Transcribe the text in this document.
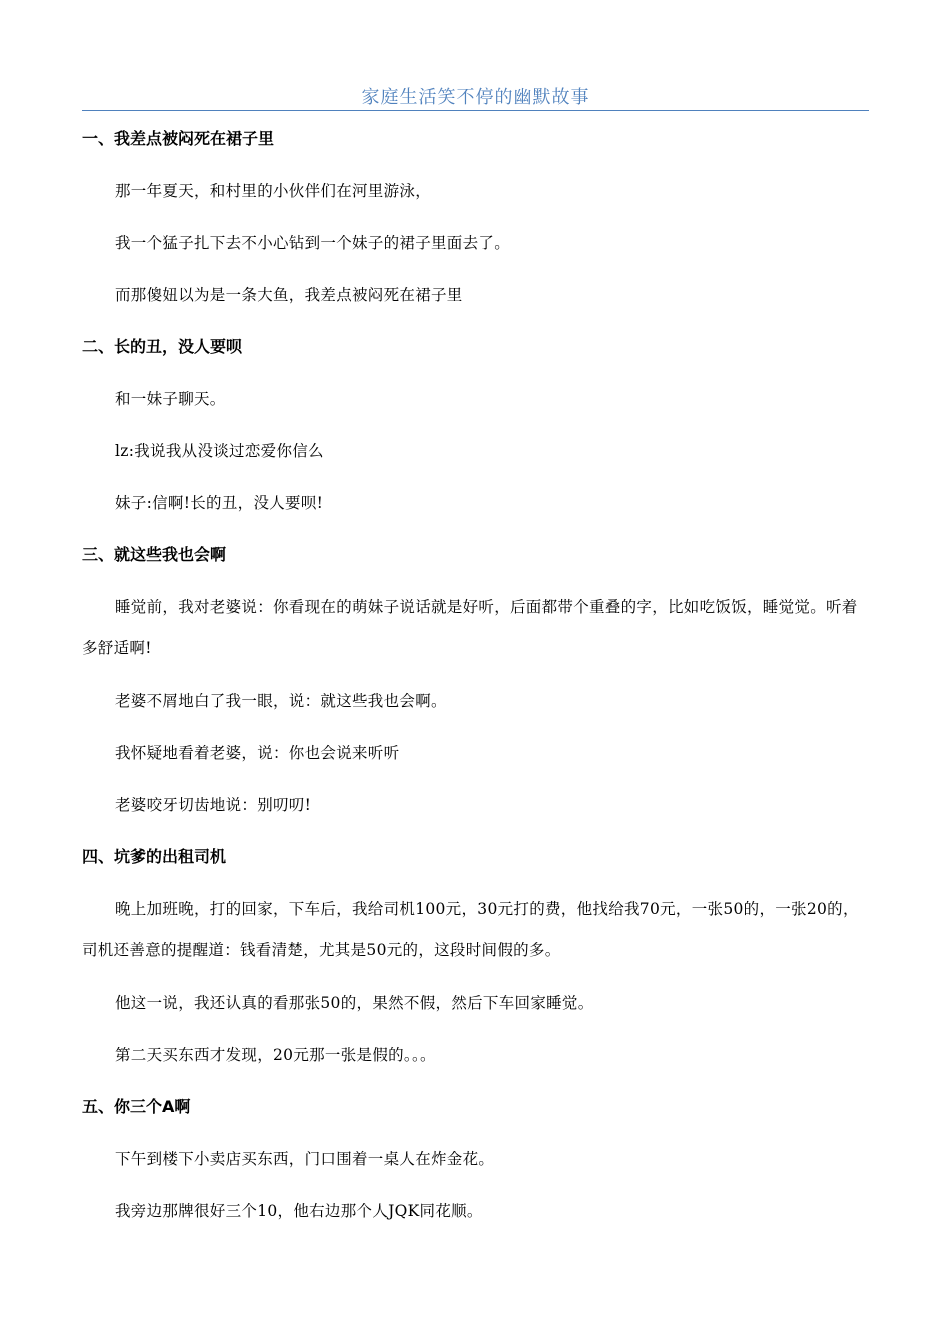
家庭生活笑不停的幽默故事
一、我差点被闷死在裙子里

那一年夏天，和村里的小伙伴们在河里游泳，

我一个猛子扎下去不小心钻到一个妹子的裙子里面去了。

而那傻妞以为是一条大鱼，我差点被闷死在裙子里

二、长的丑，没人要呗

和一妹子聊天。

lz:我说我从没谈过恋爱你信么

妹子:信啊!长的丑，没人要呗!

三、就这些我也会啊

睡觉前，我对老婆说：你看现在的萌妹子说话就是好听，后面都带个重叠的字，比如吃饭饭，睡觉觉。听着多舒适啊!

老婆不屑地白了我一眼，说：就这些我也会啊。

我怀疑地看着老婆，说：你也会说来听听

老婆咬牙切齿地说：别叨叨!

四、坑爹的出租司机

晚上加班晚，打的回家，下车后，我给司机100元，30元打的费，他找给我70元，一张50的，一张20的，司机还善意的提醒道：钱看清楚，尤其是50元的，这段时间假的多。

他这一说，我还认真的看那张50的，果然不假，然后下车回家睡觉。

第二天买东西才发现，20元那一张是假的。。。

五、你三个A啊

下午到楼下小卖店买东西，门口围着一桌人在炸金花。

我旁边那牌很好三个10，他右边那个人JQK同花顺。
